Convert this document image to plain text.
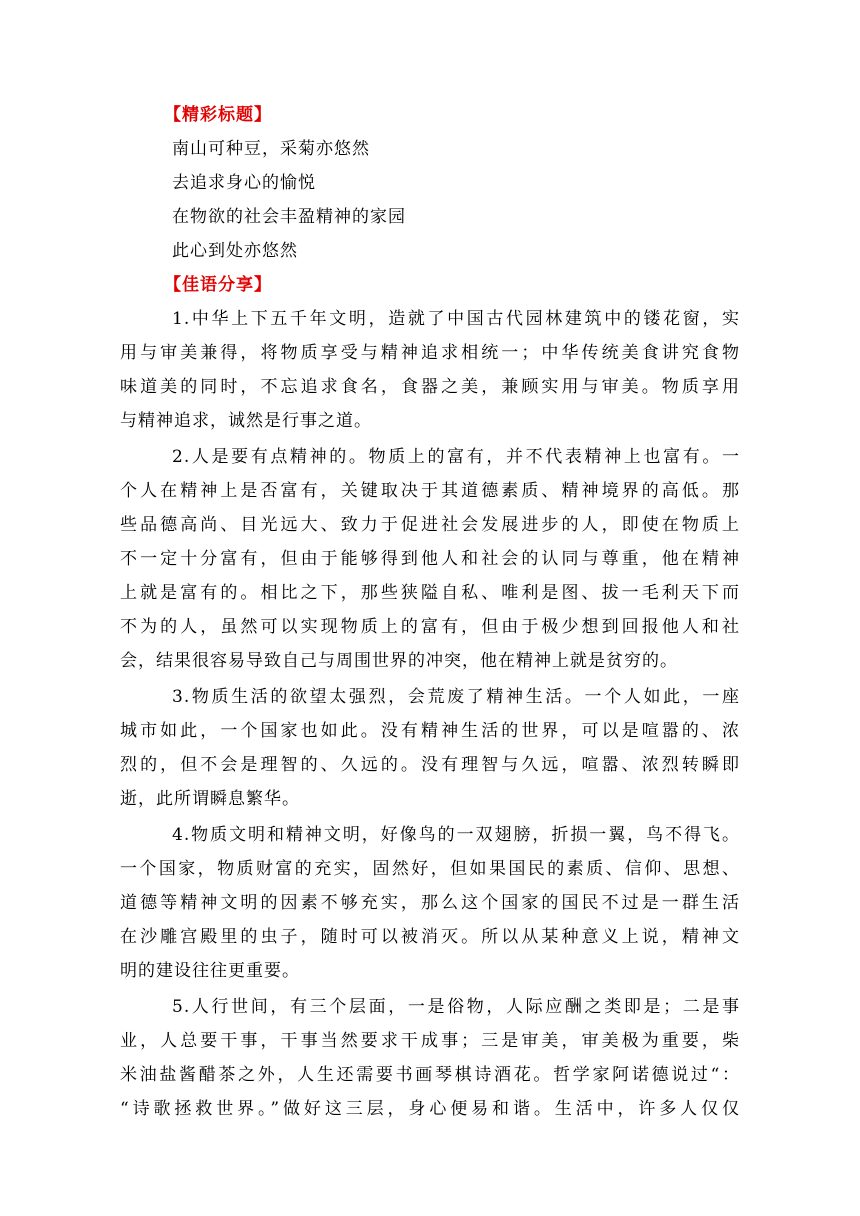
【精彩标题】
南山可种豆，采菊亦悠然
去追求身心的愉悦
在物欲的社会丰盈精神的家园
此心到处亦悠然
【佳语分享】
1.中华上下五千年文明，造就了中国古代园林建筑中的镂花窗，实
用与审美兼得，将物质享受与精神追求相统一；中华传统美食讲究食物
味道美的同时，不忘追求食名，食器之美，兼顾实用与审美。物质享用
与精神追求，诚然是行事之道。
2.人是要有点精神的。物质上的富有，并不代表精神上也富有。一
个人在精神上是否富有，关键取决于其道德素质、精神境界的高低。那
些品德高尚、目光远大、致力于促进社会发展进步的人，即使在物质上
不一定十分富有，但由于能够得到他人和社会的认同与尊重，他在精神
上就是富有的。相比之下，那些狭隘自私、唯利是图、拔一毛利天下而
不为的人，虽然可以实现物质上的富有，但由于极少想到回报他人和社
会，结果很容易导致自己与周围世界的冲突，他在精神上就是贫穷的。
3.物质生活的欲望太强烈，会荒废了精神生活。一个人如此，一座
城市如此，一个国家也如此。没有精神生活的世界，可以是喧嚣的、浓
烈的，但不会是理智的、久远的。没有理智与久远，喧嚣、浓烈转瞬即
逝，此所谓瞬息繁华。
4.物质文明和精神文明，好像鸟的一双翅膀，折损一翼，鸟不得飞。
一个国家，物质财富的充实，固然好，但如果国民的素质、信仰、思想、
道德等精神文明的因素不够充实，那么这个国家的国民不过是一群生活
在沙雕宫殿里的虫子，随时可以被消灭。所以从某种意义上说，精神文
明的建设往往更重要。
5.人行世间，有三个层面，一是俗物，人际应酬之类即是；二是事
业，人总要干事，干事当然要求干成事；三是审美，审美极为重要，柴
米油盐酱醋茶之外，人生还需要书画琴棋诗酒花。哲学家阿诺德说过“：
“诗歌拯救世界。”做好这三层，身心便易和谐。生活中，许多人仅仅
